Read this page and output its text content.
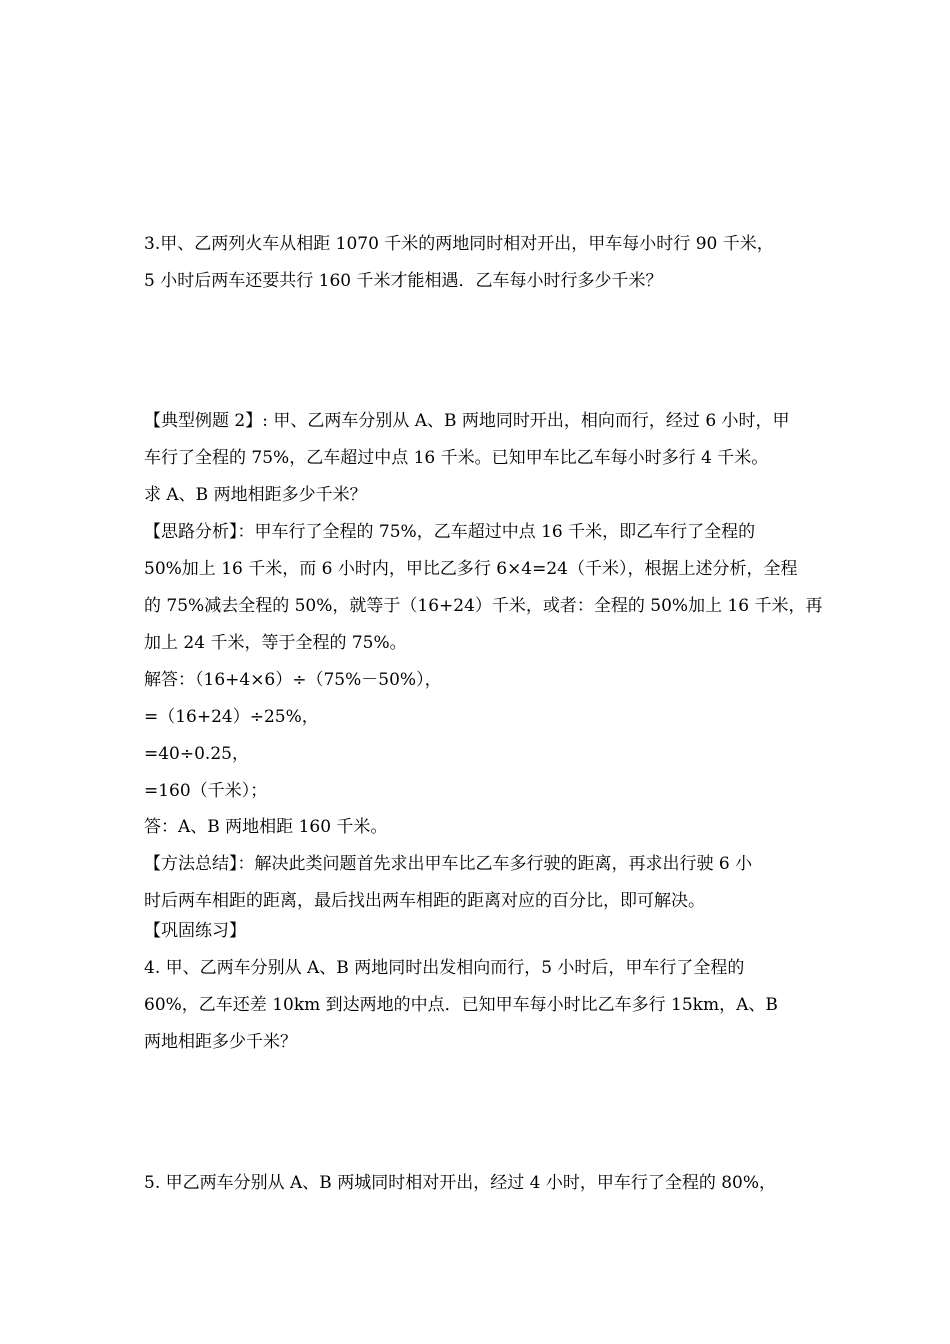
3.甲、乙两列火车从相距 1070 千米的两地同时相对开出，甲车每小时行 90 千米，
5 小时后两车还要共行 160 千米才能相遇．乙车每小时行多少千米？
【典型例题 2】: 甲、乙两车分别从 A、B 两地同时开出，相向而行，经过 6 小时，甲
车行了全程的 75%，乙车超过中点 16 千米。已知甲车比乙车每小时多行 4 千米。
求 A、B 两地相距多少千米？
【思路分析】：甲车行了全程的 75%，乙车超过中点 16 千米，即乙车行了全程的
50%加上 16 千米，而 6 小时内，甲比乙多行 6×4=24（千米），根据上述分析，全程
的 75%减去全程的 50%，就等于（16+24）千米，或者：全程的 50%加上 16 千米，再
加上 24 千米，等于全程的 75%。
解答：（16+4×6）÷（75%－50%），
=（16+24）÷25%，
=40÷0.25，
=160（千米）；
答：A、B 两地相距 160 千米。
【方法总结】：解决此类问题首先求出甲车比乙车多行驶的距离，再求出行驶 6 小
时后两车相距的距离，最后找出两车相距的距离对应的百分比，即可解决。
【巩固练习】
4. 甲、乙两车分别从 A、B 两地同时出发相向而行，5 小时后，甲车行了全程的
60%，乙车还差 10km 到达两地的中点．已知甲车每小时比乙车多行 15km，A、B
两地相距多少千米？
5. 甲乙两车分别从 A、B 两城同时相对开出，经过 4 小时，甲车行了全程的 80%，
